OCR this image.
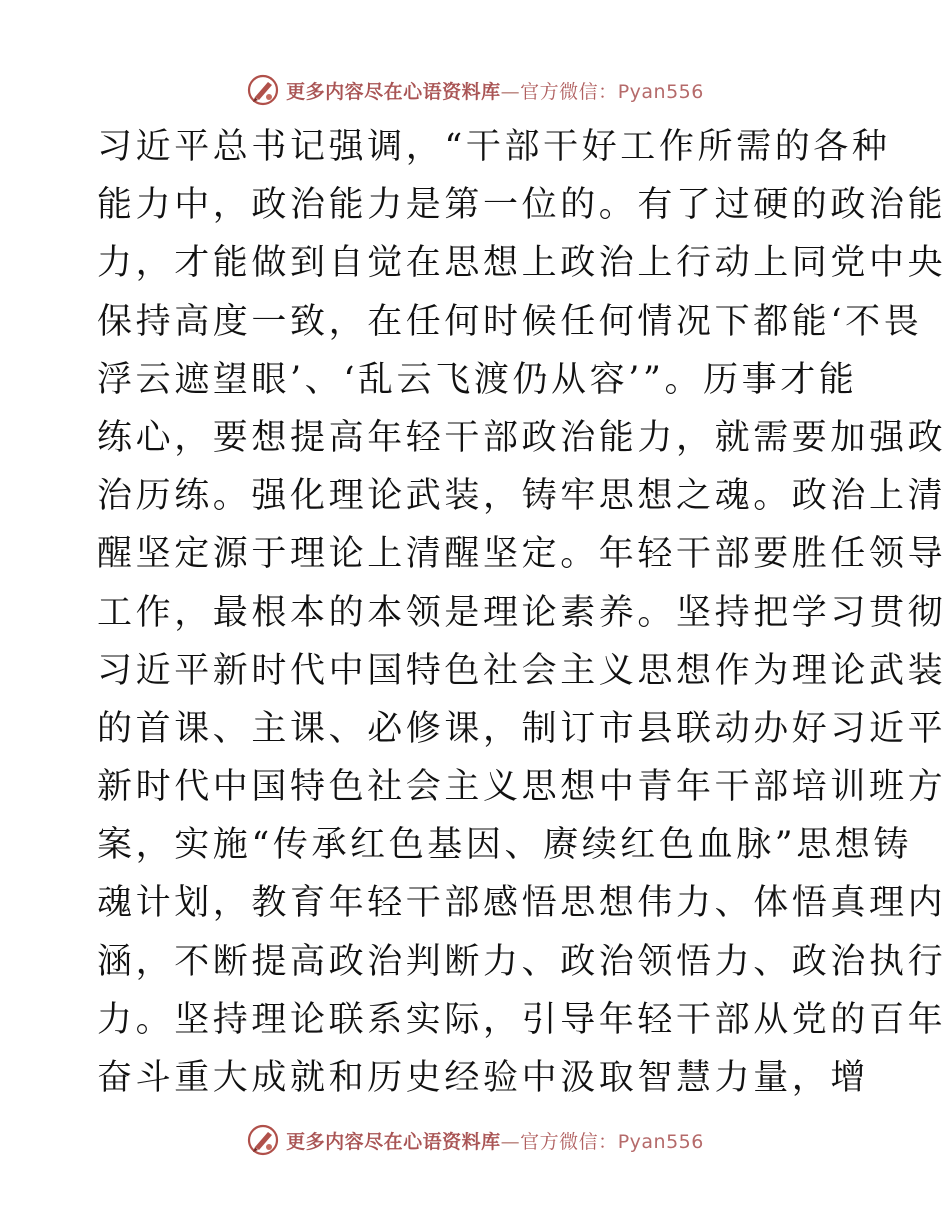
更多内容尽在心语资料库—官方微信：Pyan556
习近平总书记强调，“干部干好工作所需的各种
能力中，政治能力是第一位的。有了过硬的政治能
力，才能做到自觉在思想上政治上行动上同党中央
保持高度一致，在任何时候任何情况下都能‘不畏
浮云遮望眼’、‘乱云飞渡仍从容’”。历事才能
练心，要想提高年轻干部政治能力，就需要加强政
治历练。强化理论武装，铸牢思想之魂。政治上清
醒坚定源于理论上清醒坚定。年轻干部要胜任领导
工作，最根本的本领是理论素养。坚持把学习贯彻
习近平新时代中国特色社会主义思想作为理论武装
的首课、主课、必修课，制订市县联动办好习近平
新时代中国特色社会主义思想中青年干部培训班方
案，实施“传承红色基因、赓续红色血脉”思想铸
魂计划，教育年轻干部感悟思想伟力、体悟真理内
涵，不断提高政治判断力、政治领悟力、政治执行
力。坚持理论联系实际，引导年轻干部从党的百年
奋斗重大成就和历史经验中汲取智慧力量，增
更多内容尽在心语资料库—官方微信：Pyan556
